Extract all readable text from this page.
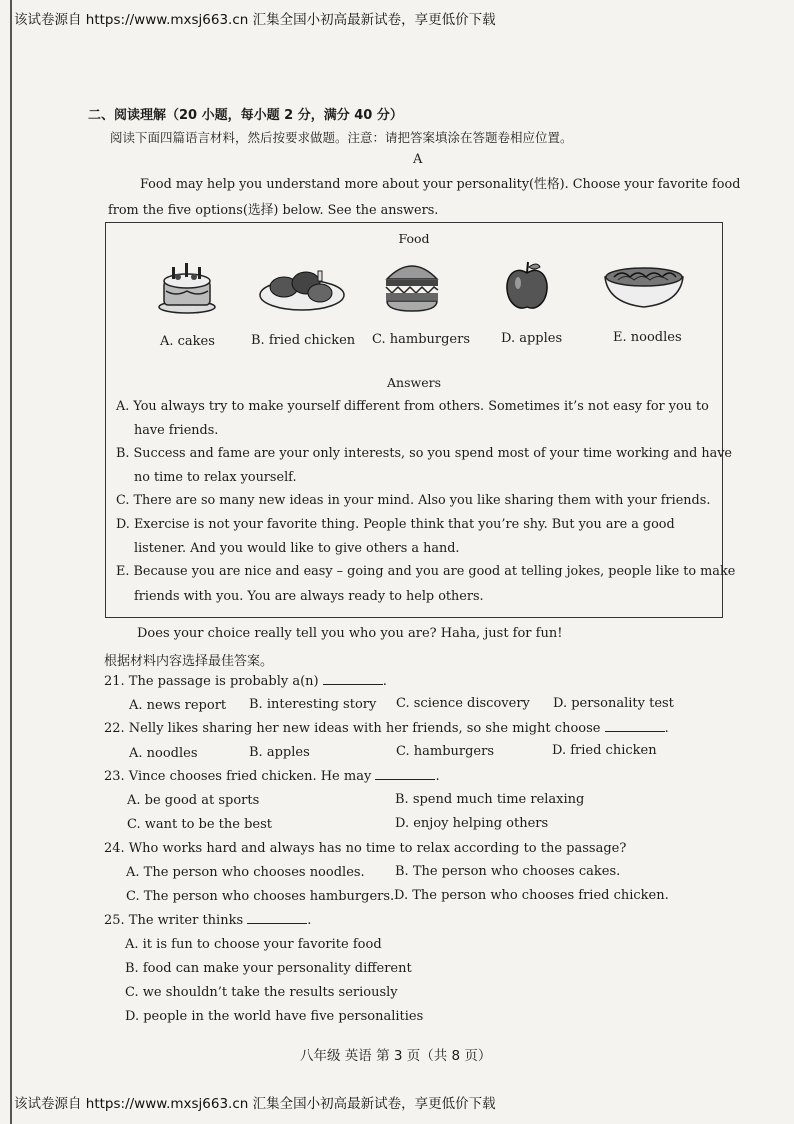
该试卷源自 https://www.mxsj663.cn 汇集全国小初高最新试卷，享更低价下载
二、阅读理解（20 小题，每小题 2 分，满分 40 分）
阅读下面四篇语言材料，然后按要求做题。注意：请把答案填涂在答题卷相应位置。
A
Food may help you understand more about your personality(性格). Choose your favorite food
from the five options(选择) below. See the answers.
Food
A. cakes	B. fried chicken C. hamburgers D. apples	E. noodles
Answers
A. You always try to make yourself different from others. Sometimes it’s not easy for you to
have friends.
B. Success and fame are your only interests, so you spend most of your time working and have
no time to relax yourself.
C. There are so many new ideas in your mind. Also you like sharing them with your friends.
D. Exercise is not your favorite thing. People think that you’re shy. But you are a good
listener. And you would like to give others a hand.
E. Because you are nice and easy – going and you are good at telling jokes, people like to make
friends with you. You are always ready to help others.
Does your choice really tell you who you are? Haha, just for fun!
根据材料内容选择最佳答案。
21. The passage is probably a(n)	.
A. news report B. interesting story C. science discovery D. personality test
22. Nelly likes sharing her new ideas with her friends, so she might choose	.
A. noodles	B. apples	C. hamburgers	D. fried chicken
23. Vince chooses fried chicken. He may	.
A. be good at sports	B. spend much time relaxing
C. want to be the best	D. enjoy helping others
24. Who works hard and always has no time to relax according to the passage?
A. The person who chooses noodles. B. The person who chooses cakes.
C. The person who chooses hamburgers. D. The person who chooses fried chicken.
25. The writer thinks	.
A. it is fun to choose your favorite food
B. food can make your personality different
C. we shouldn’t take the results seriously
D. people in the world have five personalities
八年级 英语 第 3 页（共 8 页）
该试卷源自 https://www.mxsj663.cn 汇集全国小初高最新试卷，享更低价下载
